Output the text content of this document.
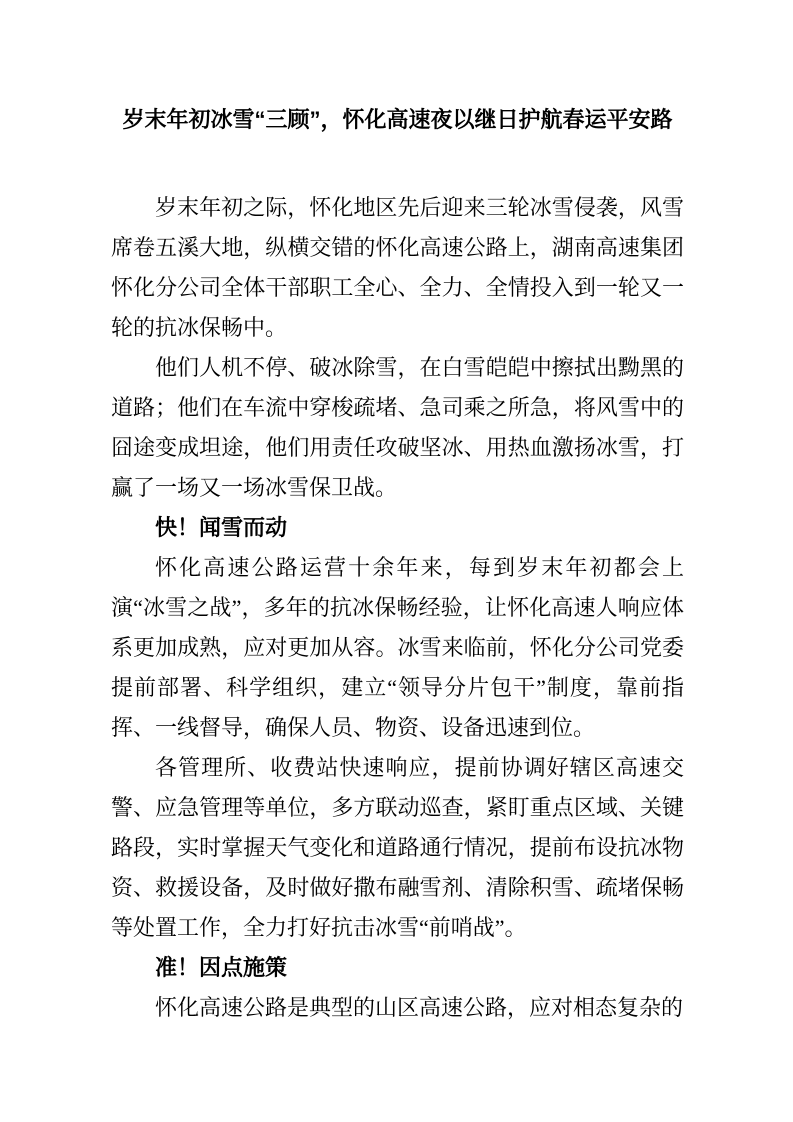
岁末年初冰雪“三顾”，怀化高速夜以继日护航春运平安路

岁末年初之际，怀化地区先后迎来三轮冰雪侵袭，风雪席卷五溪大地，纵横交错的怀化高速公路上，湖南高速集团怀化分公司全体干部职工全心、全力、全情投入到一轮又一轮的抗冰保畅中。

他们人机不停、破冰除雪，在白雪皑皑中擦拭出黝黑的道路；他们在车流中穿梭疏堵、急司乘之所急，将风雪中的囧途变成坦途，他们用责任攻破坚冰、用热血激扬冰雪，打赢了一场又一场冰雪保卫战。

快！闻雪而动

怀化高速公路运营十余年来，每到岁末年初都会上演“冰雪之战”，多年的抗冰保畅经验，让怀化高速人响应体系更加成熟，应对更加从容。冰雪来临前，怀化分公司党委提前部署、科学组织，建立“领导分片包干”制度，靠前指挥、一线督导，确保人员、物资、设备迅速到位。

各管理所、收费站快速响应，提前协调好辖区高速交警、应急管理等单位，多方联动巡查，紧盯重点区域、关键路段，实时掌握天气变化和道路通行情况，提前布设抗冰物资、救援设备，及时做好撒布融雪剂、清除积雪、疏堵保畅等处置工作，全力打好抗击冰雪“前哨战”。

准！因点施策

怀化高速公路是典型的山区高速公路，应对相态复杂的
